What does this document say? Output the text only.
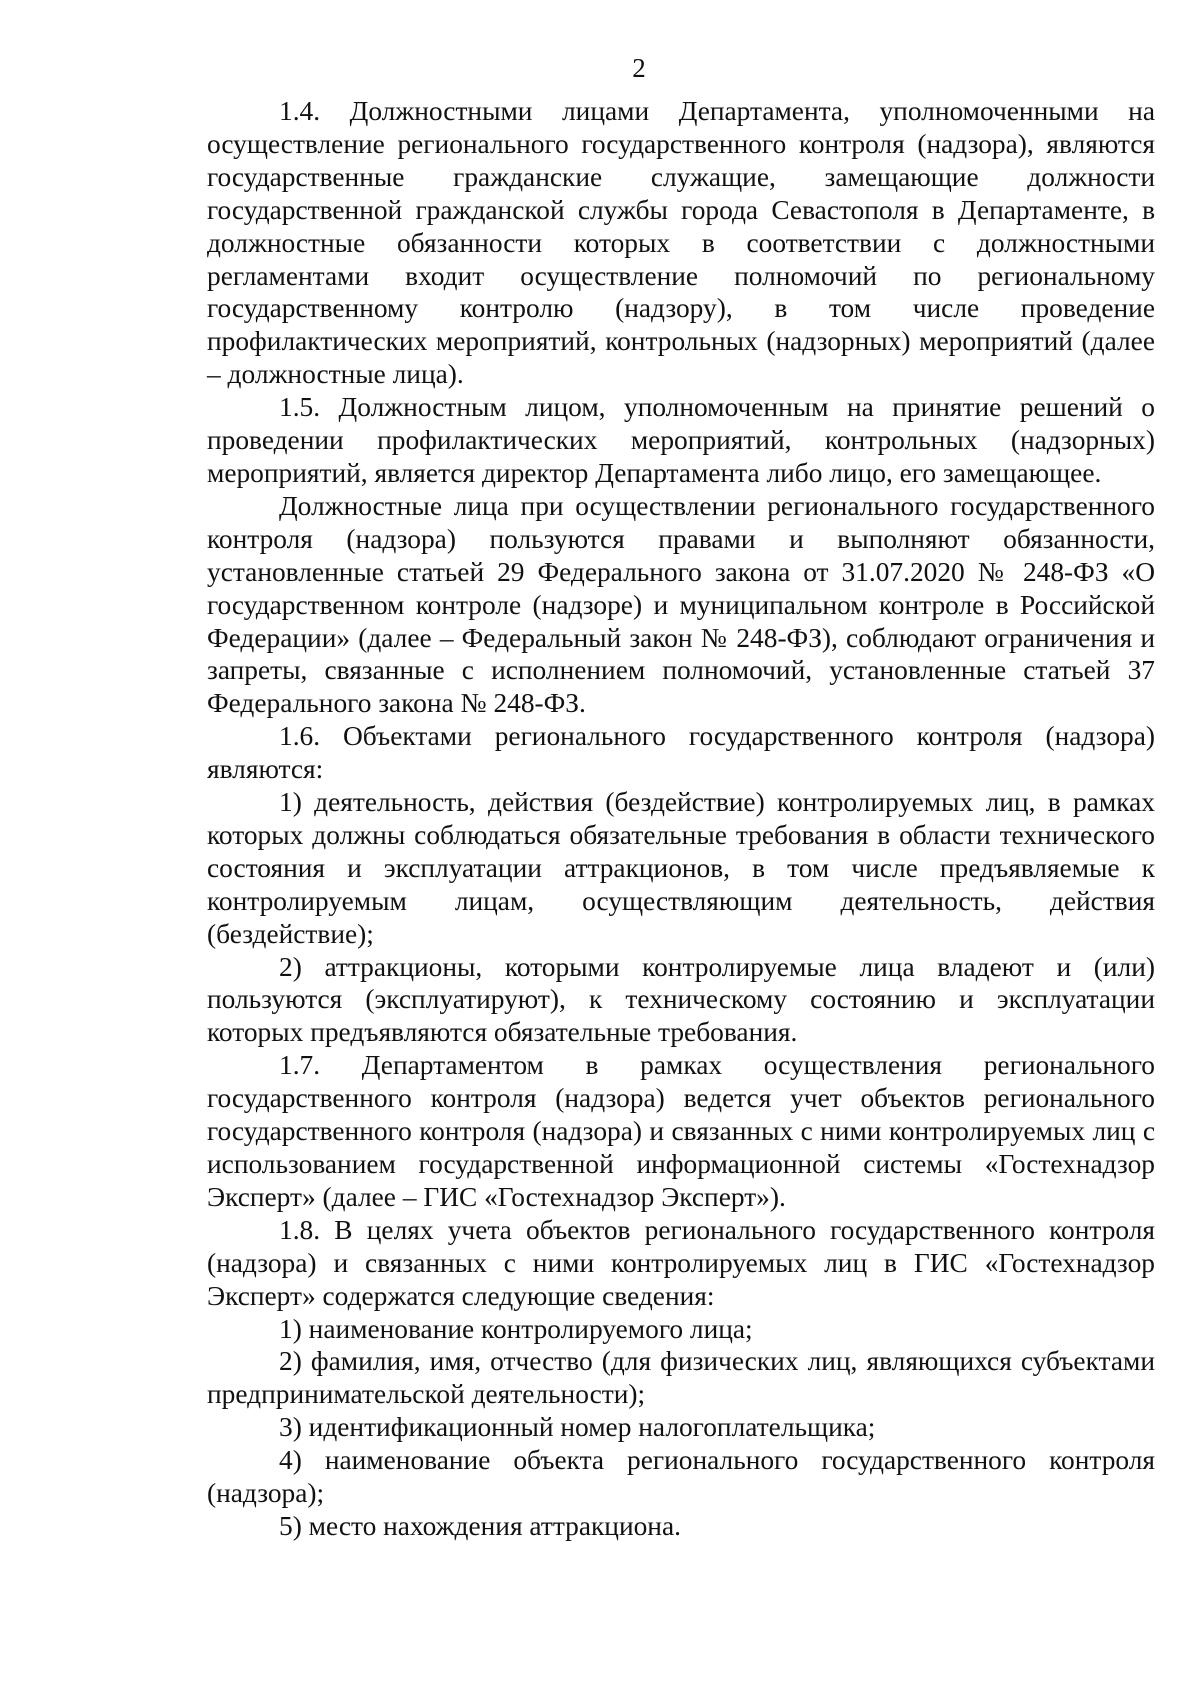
2

1.4. Должностными лицами Департамента, уполномоченными на осуществление регионального государственного контроля (надзора), являются государственные гражданские служащие, замещающие должности государственной гражданской службы города Севастополя в Департаменте, в должностные обязанности которых в соответствии с должностными регламентами входит осуществление полномочий по региональному государственному контролю (надзору), в том числе проведение профилактических мероприятий, контрольных (надзорных) мероприятий (далее – должностные лица).

1.5. Должностным лицом, уполномоченным на принятие решений о проведении профилактических мероприятий, контрольных (надзорных) мероприятий, является директор Департамента либо лицо, его замещающее.

Должностные лица при осуществлении регионального государственного контроля (надзора) пользуются правами и выполняют обязанности, установленные статьей 29 Федерального закона от 31.07.2020 № 248-ФЗ «О государственном контроле (надзоре) и муниципальном контроле в Российской Федерации» (далее – Федеральный закон № 248-ФЗ), соблюдают ограничения и запреты, связанные с исполнением полномочий, установленные статьей 37 Федерального закона № 248-ФЗ.

1.6. Объектами регионального государственного контроля (надзора) являются:

1) деятельность, действия (бездействие) контролируемых лиц, в рамках которых должны соблюдаться обязательные требования в области технического состояния и эксплуатации аттракционов, в том числе предъявляемые к контролируемым лицам, осуществляющим деятельность, действия (бездействие);

2) аттракционы, которыми контролируемые лица владеют и (или) пользуются (эксплуатируют), к техническому состоянию и эксплуатации которых предъявляются обязательные требования.

1.7. Департаментом в рамках осуществления регионального государственного контроля (надзора) ведется учет объектов регионального государственного контроля (надзора) и связанных с ними контролируемых лиц с использованием государственной информационной системы «Гостехнадзор Эксперт» (далее – ГИС «Гостехнадзор Эксперт»).

1.8. В целях учета объектов регионального государственного контроля (надзора) и связанных с ними контролируемых лиц в ГИС «Гостехнадзор Эксперт» содержатся следующие сведения:

1) наименование контролируемого лица;

2) фамилия, имя, отчество (для физических лиц, являющихся субъектами предпринимательской деятельности);

3) идентификационный номер налогоплательщика;

4) наименование объекта регионального государственного контроля (надзора);

5) место нахождения аттракциона.
